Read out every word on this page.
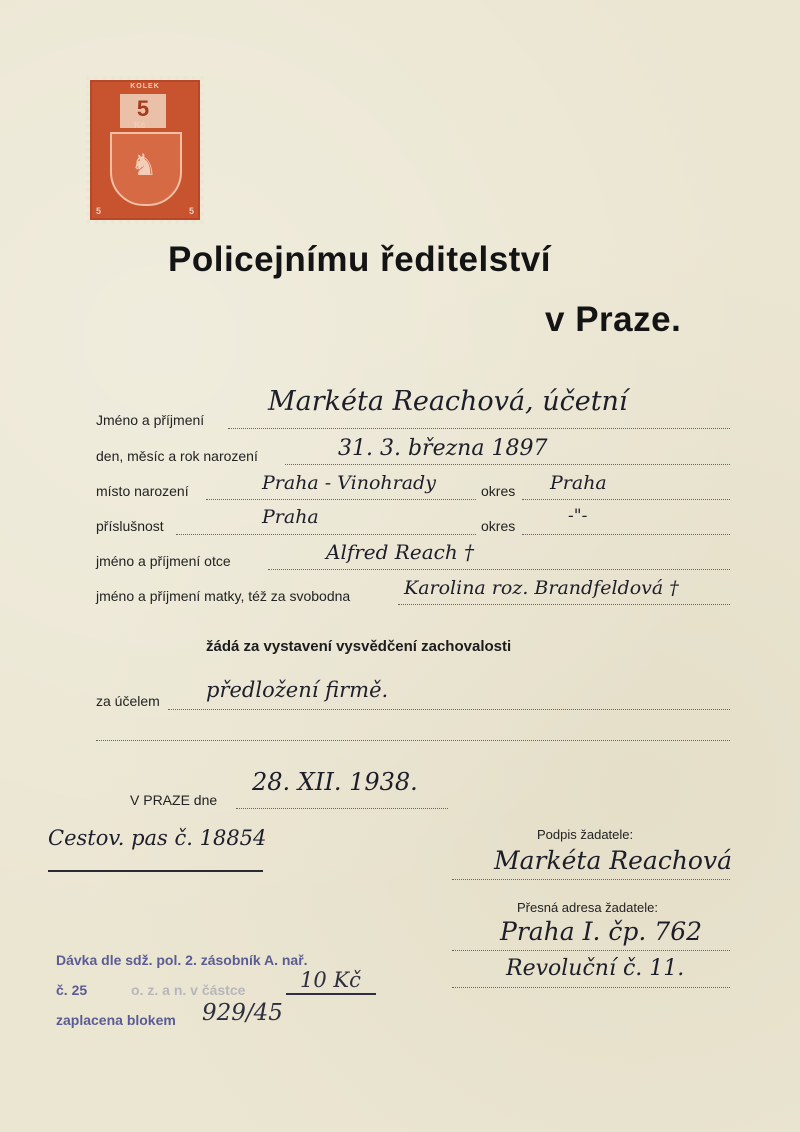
KOLEK
5
Kč
♞
5	5
Policejnímu ředitelství
v Praze.
Jméno a příjmení
Markéta Reachová, účetní
den, měsíc a rok narození	31. 3. března 1897
místo narození	Praha - Vinohrady	okres Praha
příslušnost	Praha	okres	-"-
jméno a příjmení otce	Alfred Reach †
jméno a příjmení matky, též za svobodna	Karolina roz. Brandfeldová †
žádá za vystavení vysvědčení zachovalosti
za účelem předložení firmě.
V PRAZE dne
28. XII. 1938.
Cestov. pas č. 18854	Podpis žadatele:
Markéta Reachová
Přesná adresa žadatele:
Praha I. čp. 762
Revoluční č. 11.
Dávka dle sdž. pol. 2. zásobník A. nař.
č. 25	o. z. a n. v částce	10 Kč
zaplacena blokem 929/45
